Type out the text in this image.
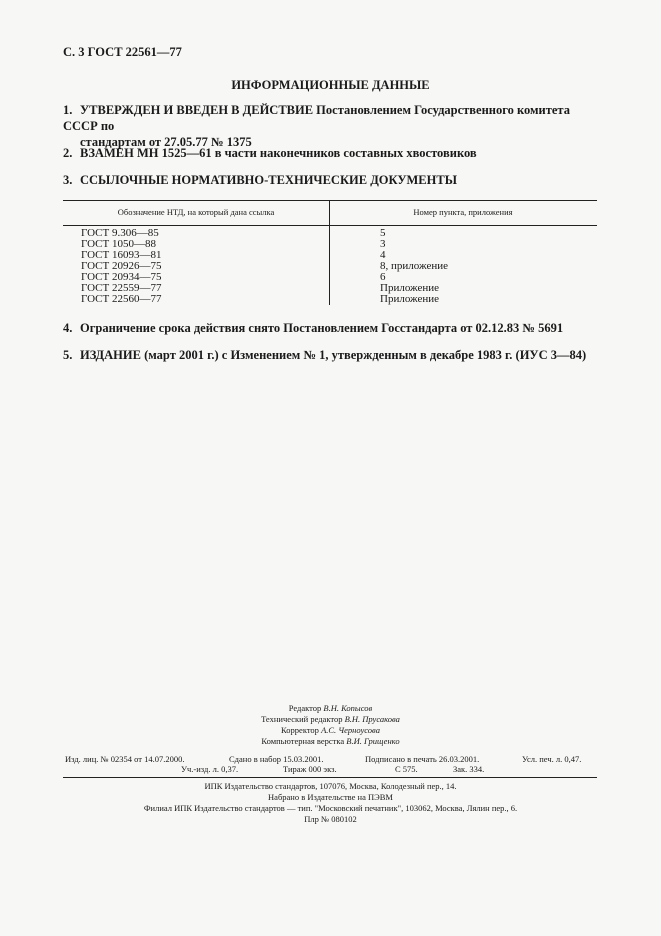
С. 3 ГОСТ 22561—77
ИНФОРМАЦИОННЫЕ ДАННЫЕ
1. УТВЕРЖДЕН И ВВЕДЕН В ДЕЙСТВИЕ Постановлением Государственного комитета СССР по
стандартам от 27.05.77 № 1375
2. ВЗАМЕН МН 1525—61 в части наконечников составных хвостовиков
3. ССЫЛОЧНЫЕ НОРМАТИВНО-ТЕХНИЧЕСКИЕ ДОКУМЕНТЫ
Обозначение НТД, на который дана ссылка	Номер пункта, приложения
ГОСТ 9.306—85	5
ГОСТ 1050—88	3
ГОСТ 16093—81	4
ГОСТ 20926—75	8, приложение
ГОСТ 20934—75	6
ГОСТ 22559—77	Приложение
ГОСТ 22560—77	Приложение
4. Ограничение срока действия снято Постановлением Госстандарта от 02.12.83 № 5691
5. ИЗДАНИЕ (март 2001 г.) с Изменением № 1, утвержденным в декабре 1983 г. (ИУС 3—84)
Редактор В.Н. Копысов
Технический редактор В.Н. Прусакова
Корректор А.С. Черноусова
Компьютерная верстка В.И. Грищенко
Изд. лиц. № 02354 от 14.07.2000.	Сдано в набор 15.03.2001.	Подписано в печать 26.03.2001.	Усл. печ. л. 0,47.
Уч.-изд. л. 0,37.	Тираж 000 экз.	С 575.	Зак. 334.
ИПК Издательство стандартов, 107076, Москва, Колодезный пер., 14.
Набрано в Издательстве на ПЭВМ
Филиал ИПК Издательство стандартов — тип. "Московский печатник", 103062, Москва, Лялин пер., 6.
Плр № 080102
